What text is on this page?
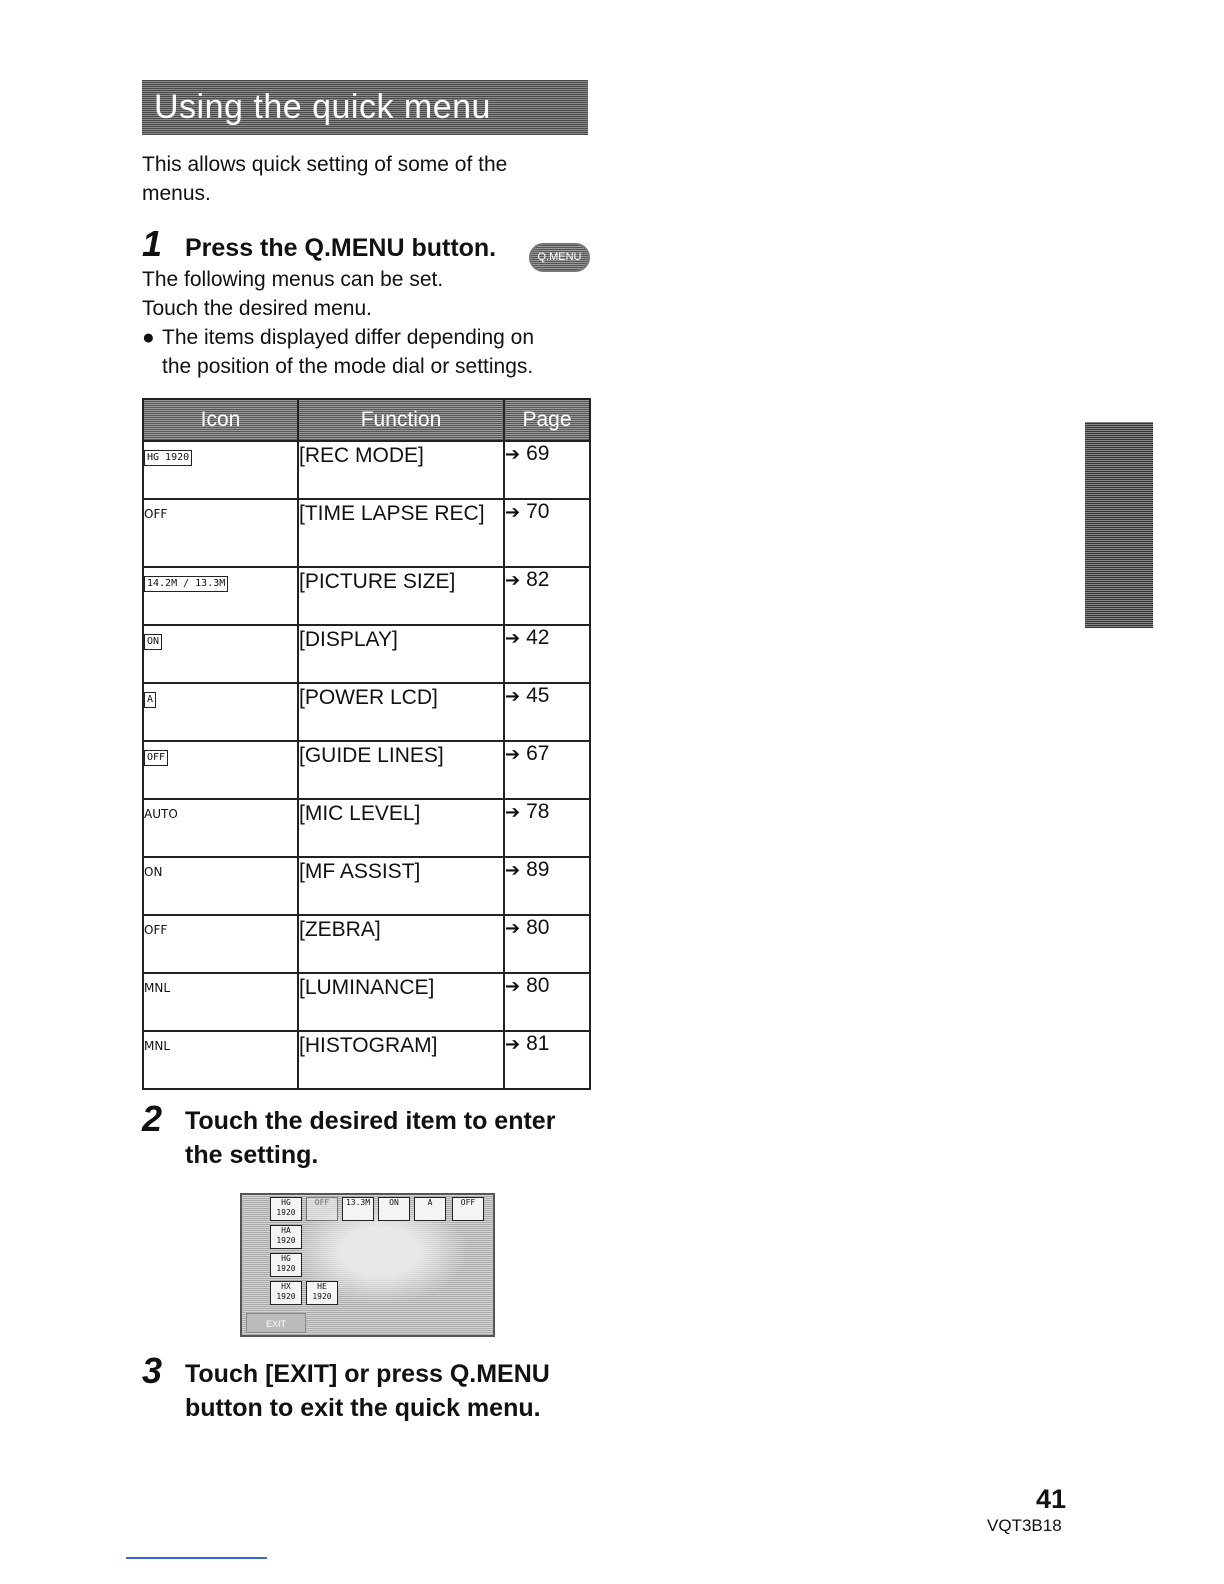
Using the quick menu

This allows quick setting of some of the
menus.

1 Press the Q.MENU button.	Q.MENU
The following menus can be set.
Touch the desired menu.
● The items displayed differ depending on
the position of the mode dial or settings.
Icon	Function	Page
HG 1920	[REC MODE]	➔ 69
OFF	[TIME LAPSE REC]	➔ 70
14.2M / 13.3M	[PICTURE SIZE]	➔ 82
ON	[DISPLAY]	➔ 42
A	[POWER LCD]	➔ 45
OFF	[GUIDE LINES]	➔ 67
AUTO	[MIC LEVEL]	➔ 78
ON	[MF ASSIST]	➔ 89
OFF	[ZEBRA]	➔ 80
MNL	[LUMINANCE]	➔ 80
MNL	[HISTOGRAM]	➔ 81
2 Touch the desired item to enter
the setting.
HG
1920
OFF	13.3M	ON	A	OFF
HA
1920
HG
1920
HX
1920
HE
1920
EXIT
3 Touch [EXIT] or press Q.MENU
button to exit the quick menu.
41
VQT3B18
